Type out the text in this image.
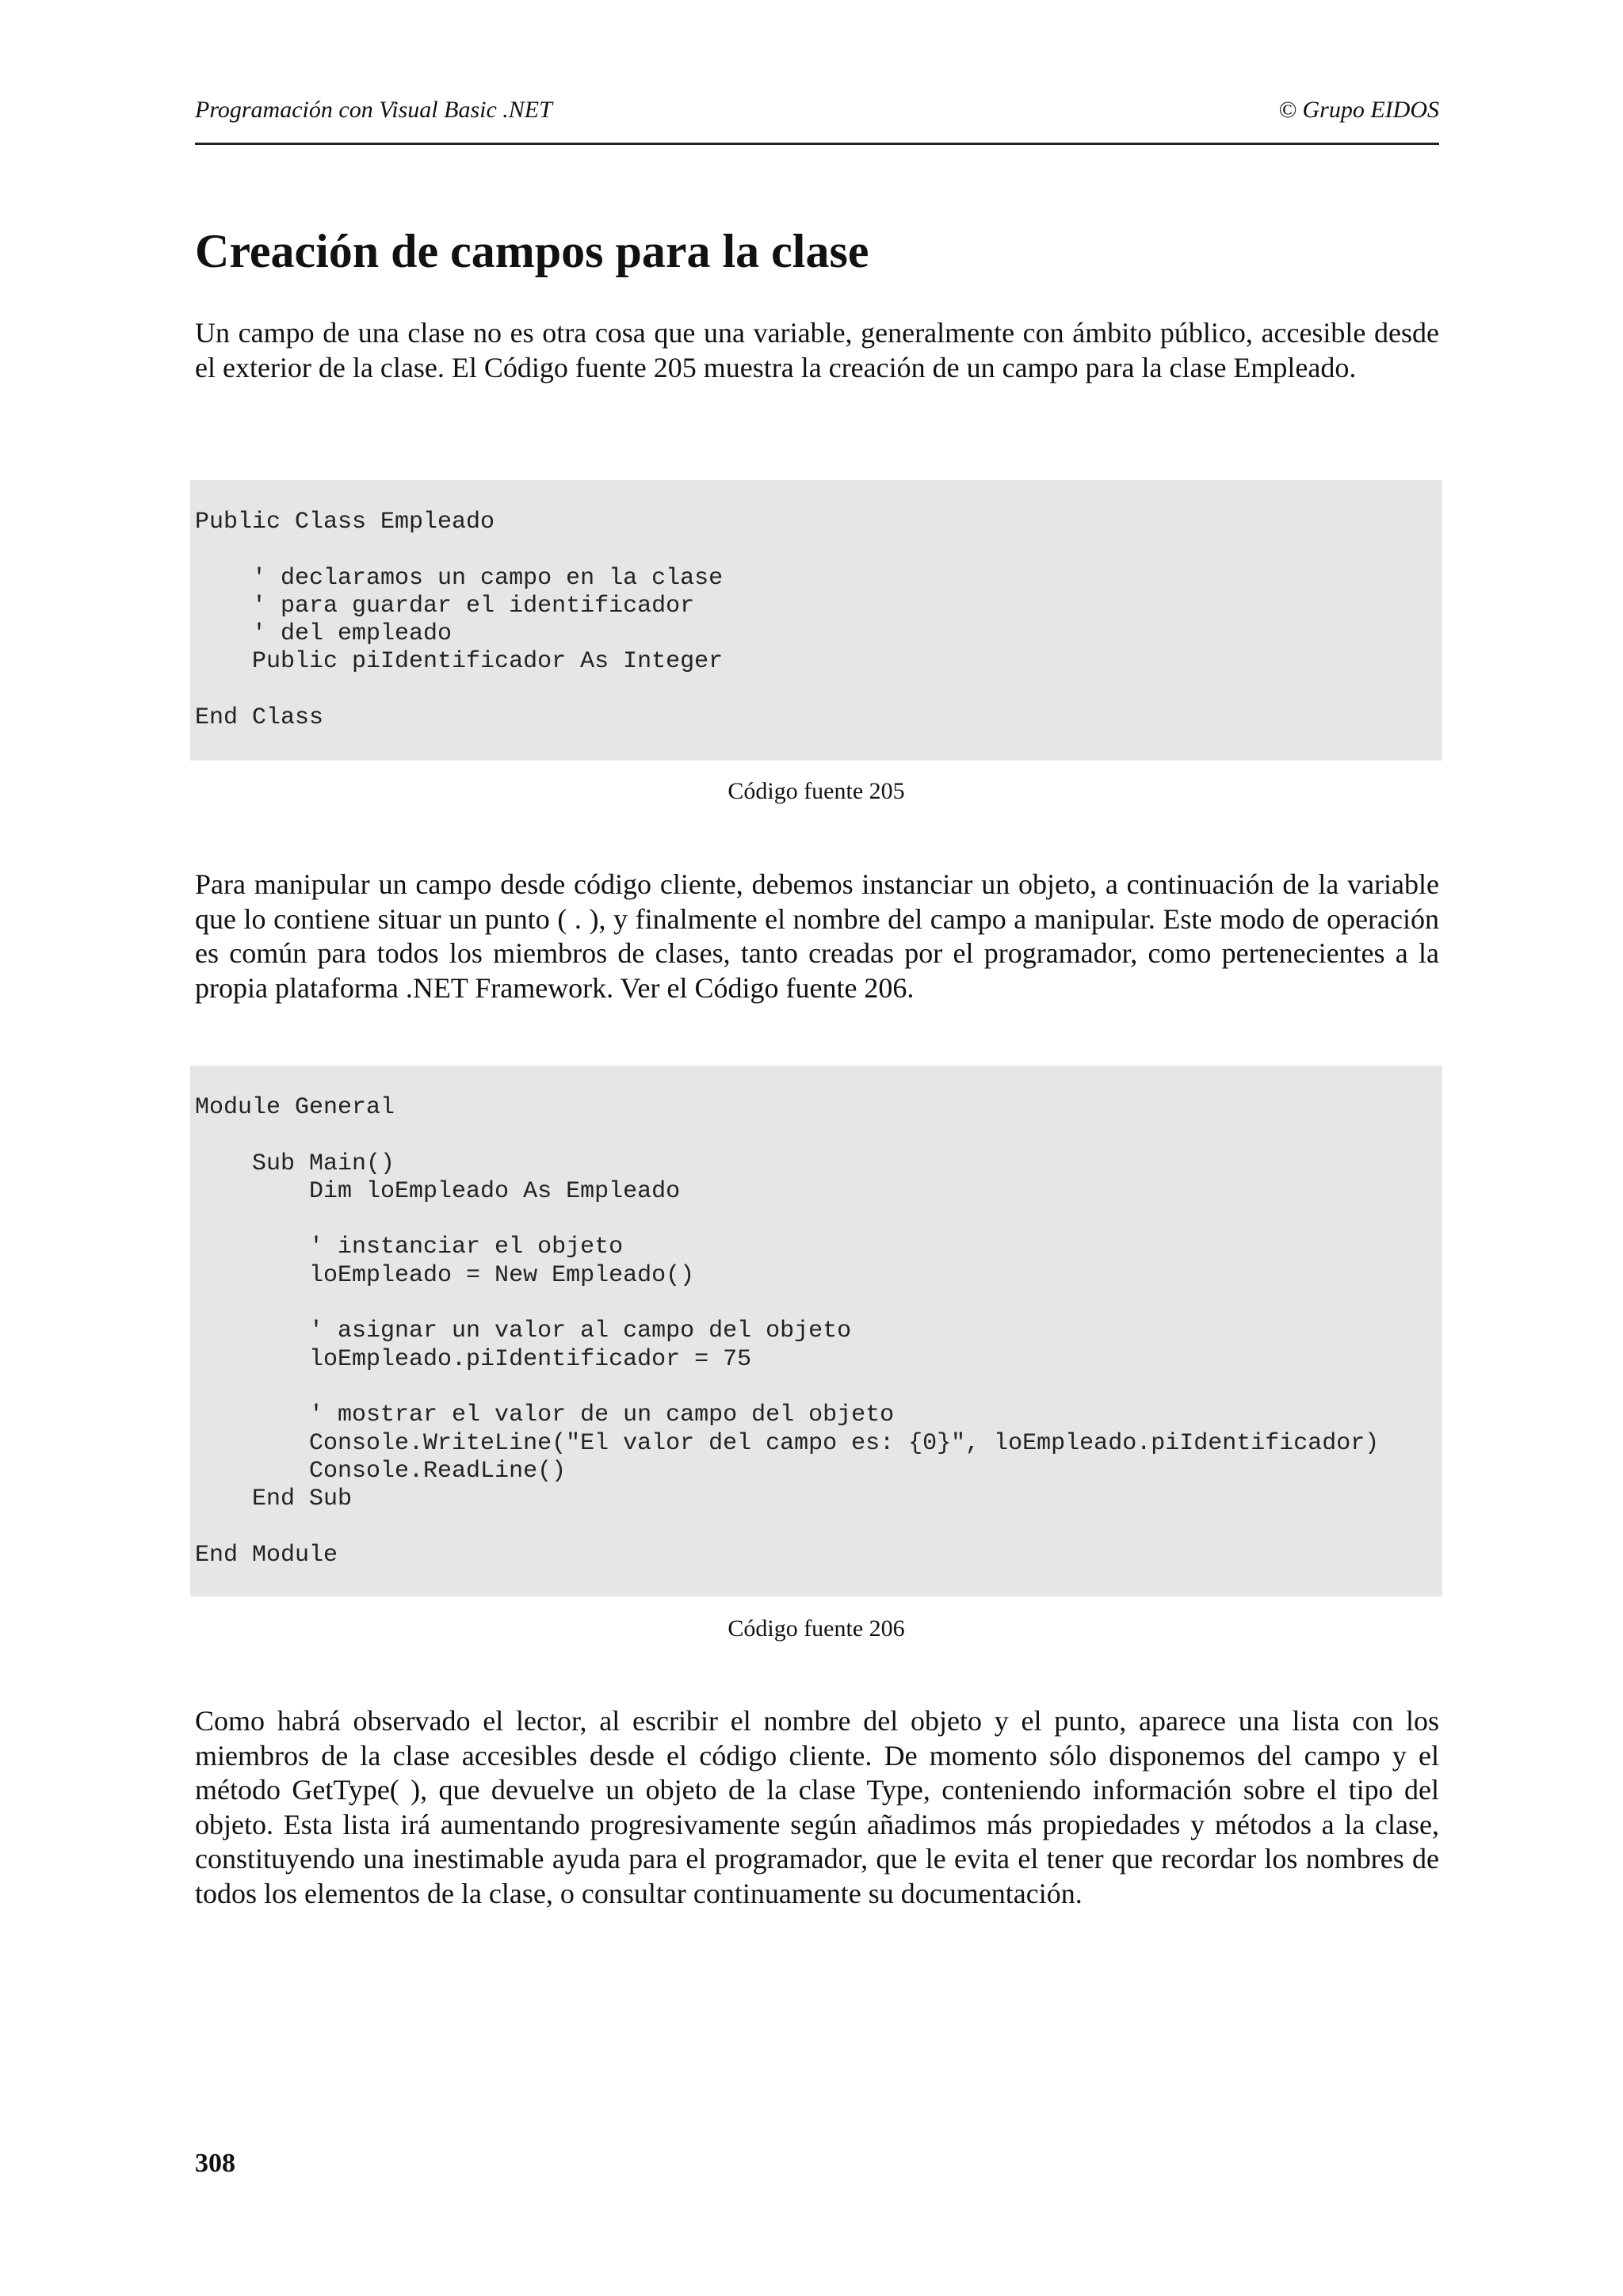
Programación con Visual Basic .NET	© Grupo EIDOS
Creación de campos para la clase

Un campo de una clase no es otra cosa que una variable, generalmente con ámbito público, accesible desde el exterior de la clase. El Código fuente 205 muestra la creación de un campo para la clase Empleado.

Public Class Empleado

' declaramos un campo en la clase
' para guardar el identificador
' del empleado
Public piIdentificador As Integer

End Class
Código fuente 205

Para manipular un campo desde código cliente, debemos instanciar un objeto, a continuación de la variable que lo contiene situar un punto ( . ), y finalmente el nombre del campo a manipular. Este modo de operación es común para todos los miembros de clases, tanto creadas por el programador, como pertenecientes a la propia plataforma .NET Framework. Ver el Código fuente 206.

Module General

Sub Main()
Dim loEmpleado As Empleado

' instanciar el objeto
loEmpleado = New Empleado()

' asignar un valor al campo del objeto
loEmpleado.piIdentificador = 75

' mostrar el valor de un campo del objeto
Console.WriteLine("El valor del campo es: {0}", loEmpleado.piIdentificador)
Console.ReadLine()
End Sub

End Module
Código fuente 206

Como habrá observado el lector, al escribir el nombre del objeto y el punto, aparece una lista con los miembros de la clase accesibles desde el código cliente. De momento sólo disponemos del campo y el método GetType( ), que devuelve un objeto de la clase Type, conteniendo información sobre el tipo del objeto. Esta lista irá aumentando progresivamente según añadimos más propiedades y métodos a la clase, constituyendo una inestimable ayuda para el programador, que le evita el tener que recordar los nombres de todos los elementos de la clase, o consultar continuamente su documentación.

308
